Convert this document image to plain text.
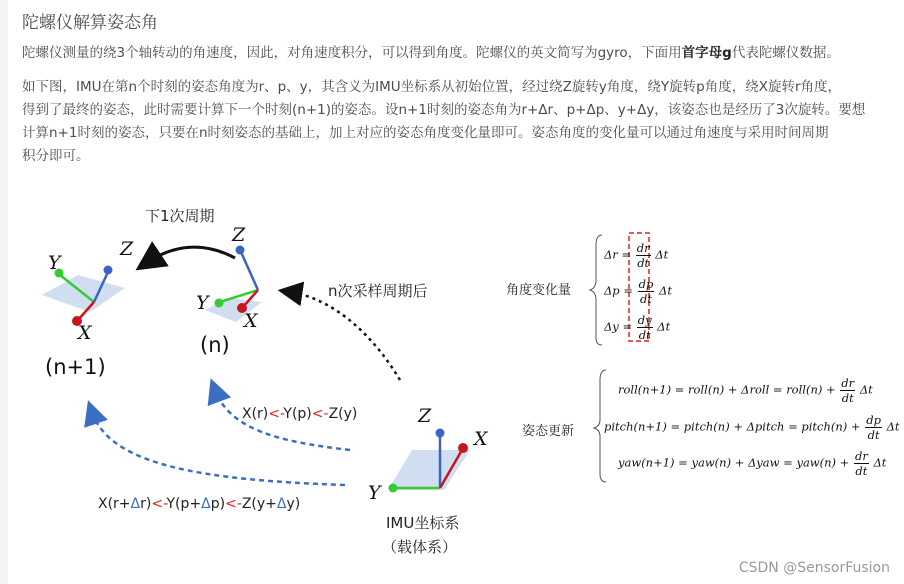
陀螺仪解算姿态角
陀螺仪测量的绕3个轴转动的角速度，因此，对角速度积分，可以得到角度。陀螺仪的英文简写为gyro，下面用首字母g代表陀螺仪数据。
如下图，IMU在第n个时刻的姿态角度为r、p、y，其含义为IMU坐标系从初始位置，经过绕Z旋转y角度，绕Y旋转p角度，绕X旋转r角度，
得到了最终的姿态，此时需要计算下一个时刻(n+1)的姿态。设n+1时刻的姿态角为r+Δr、p+Δp、y+Δy，该姿态也是经历了3次旋转。要想
计算n+1时刻的姿态，只要在n时刻姿态的基础上，加上对应的姿态角度变化量即可。姿态角度的变化量可以通过角速度与采用时间周期
积分即可。
下1次周期
n次采样周期后
(n+1)
(n)
Y
Z
X
Z
Y
X
Z
X
Y
X(r)<-Y(p)<-Z(y)
X(r+Δr)<-Y(p+Δp)<-Z(y+Δy)
IMU坐标系
（载体系）
角度变化量
姿态更新
$\Delta r = \frac{dr}{dt}$ Δt
$\Delta p = \frac{dp}{dt}$ Δt
$\Delta y = \frac{dy}{dt}$ Δt
roll(n+1) = roll(n) + Δroll = roll(n) + $\frac{dr}{dt}$ Δt
pitch(n+1) = pitch(n) + Δpitch = pitch(n) + $\frac{dp}{dt}$ Δt
$yaw(n+1) = yaw(n) + \Delta yaw = yaw(n) + \frac{dr}{dt}$ Δt
CSDN @SensorFusion
